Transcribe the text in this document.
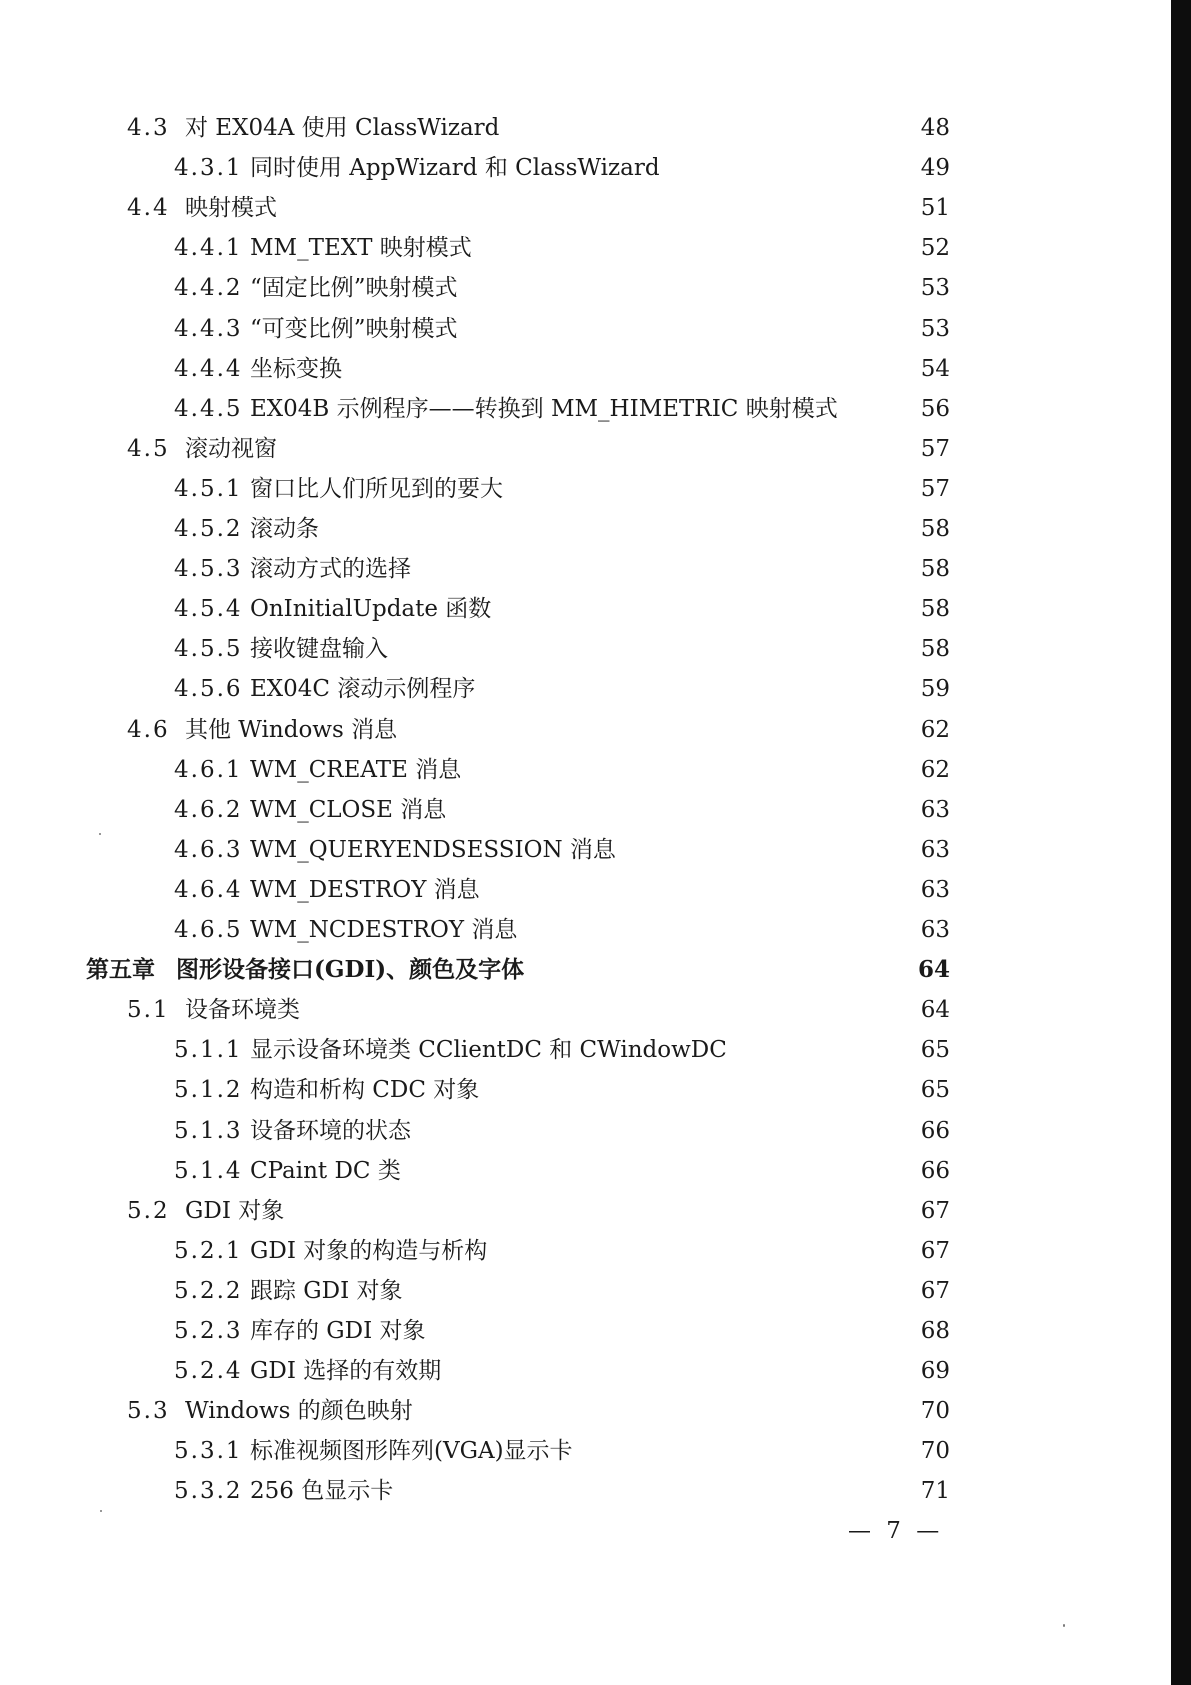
4.3 对 EX04A 使用 ClassWizard	48
4.3.1 同时使用 AppWizard 和 ClassWizard	49
4.4 映射模式	51
4.4.1 MM_TEXT 映射模式	52
4.4.2 “固定比例”映射模式	53
4.4.3 “可变比例”映射模式	53
4.4.4 坐标变换	54
4.4.5 EX04B 示例程序——转换到 MM_HIMETRIC 映射模式	56
4.5 滚动视窗	57
4.5.1 窗口比人们所见到的要大	57
4.5.2 滚动条	58
4.5.3 滚动方式的选择	58
4.5.4 OnInitialUpdate 函数	58
4.5.5 接收键盘输入	58
4.5.6 EX04C 滚动示例程序	59
4.6 其他 Windows 消息	62
4.6.1 WM_CREATE 消息	62
4.6.2 WM_CLOSE 消息	63
4.6.3 WM_QUERYENDSESSION 消息	63
4.6.4 WM_DESTROY 消息	63
4.6.5 WM_NCDESTROY 消息	63
第五章 图形设备接口(GDI)、颜色及字体	64
5.1 设备环境类	64
5.1.1 显示设备环境类 CClientDC 和 CWindowDC	65
5.1.2 构造和析构 CDC 对象	65
5.1.3 设备环境的状态	66
5.1.4 CPaint DC 类	66
5.2 GDI 对象	67
5.2.1 GDI 对象的构造与析构	67
5.2.2 跟踪 GDI 对象	67
5.2.3 库存的 GDI 对象	68
5.2.4 GDI 选择的有效期	69
5.3 Windows 的颜色映射	70
5.3.1 标准视频图形阵列(VGA)显示卡	70
5.3.2 256 色显示卡	71
— 7 —
